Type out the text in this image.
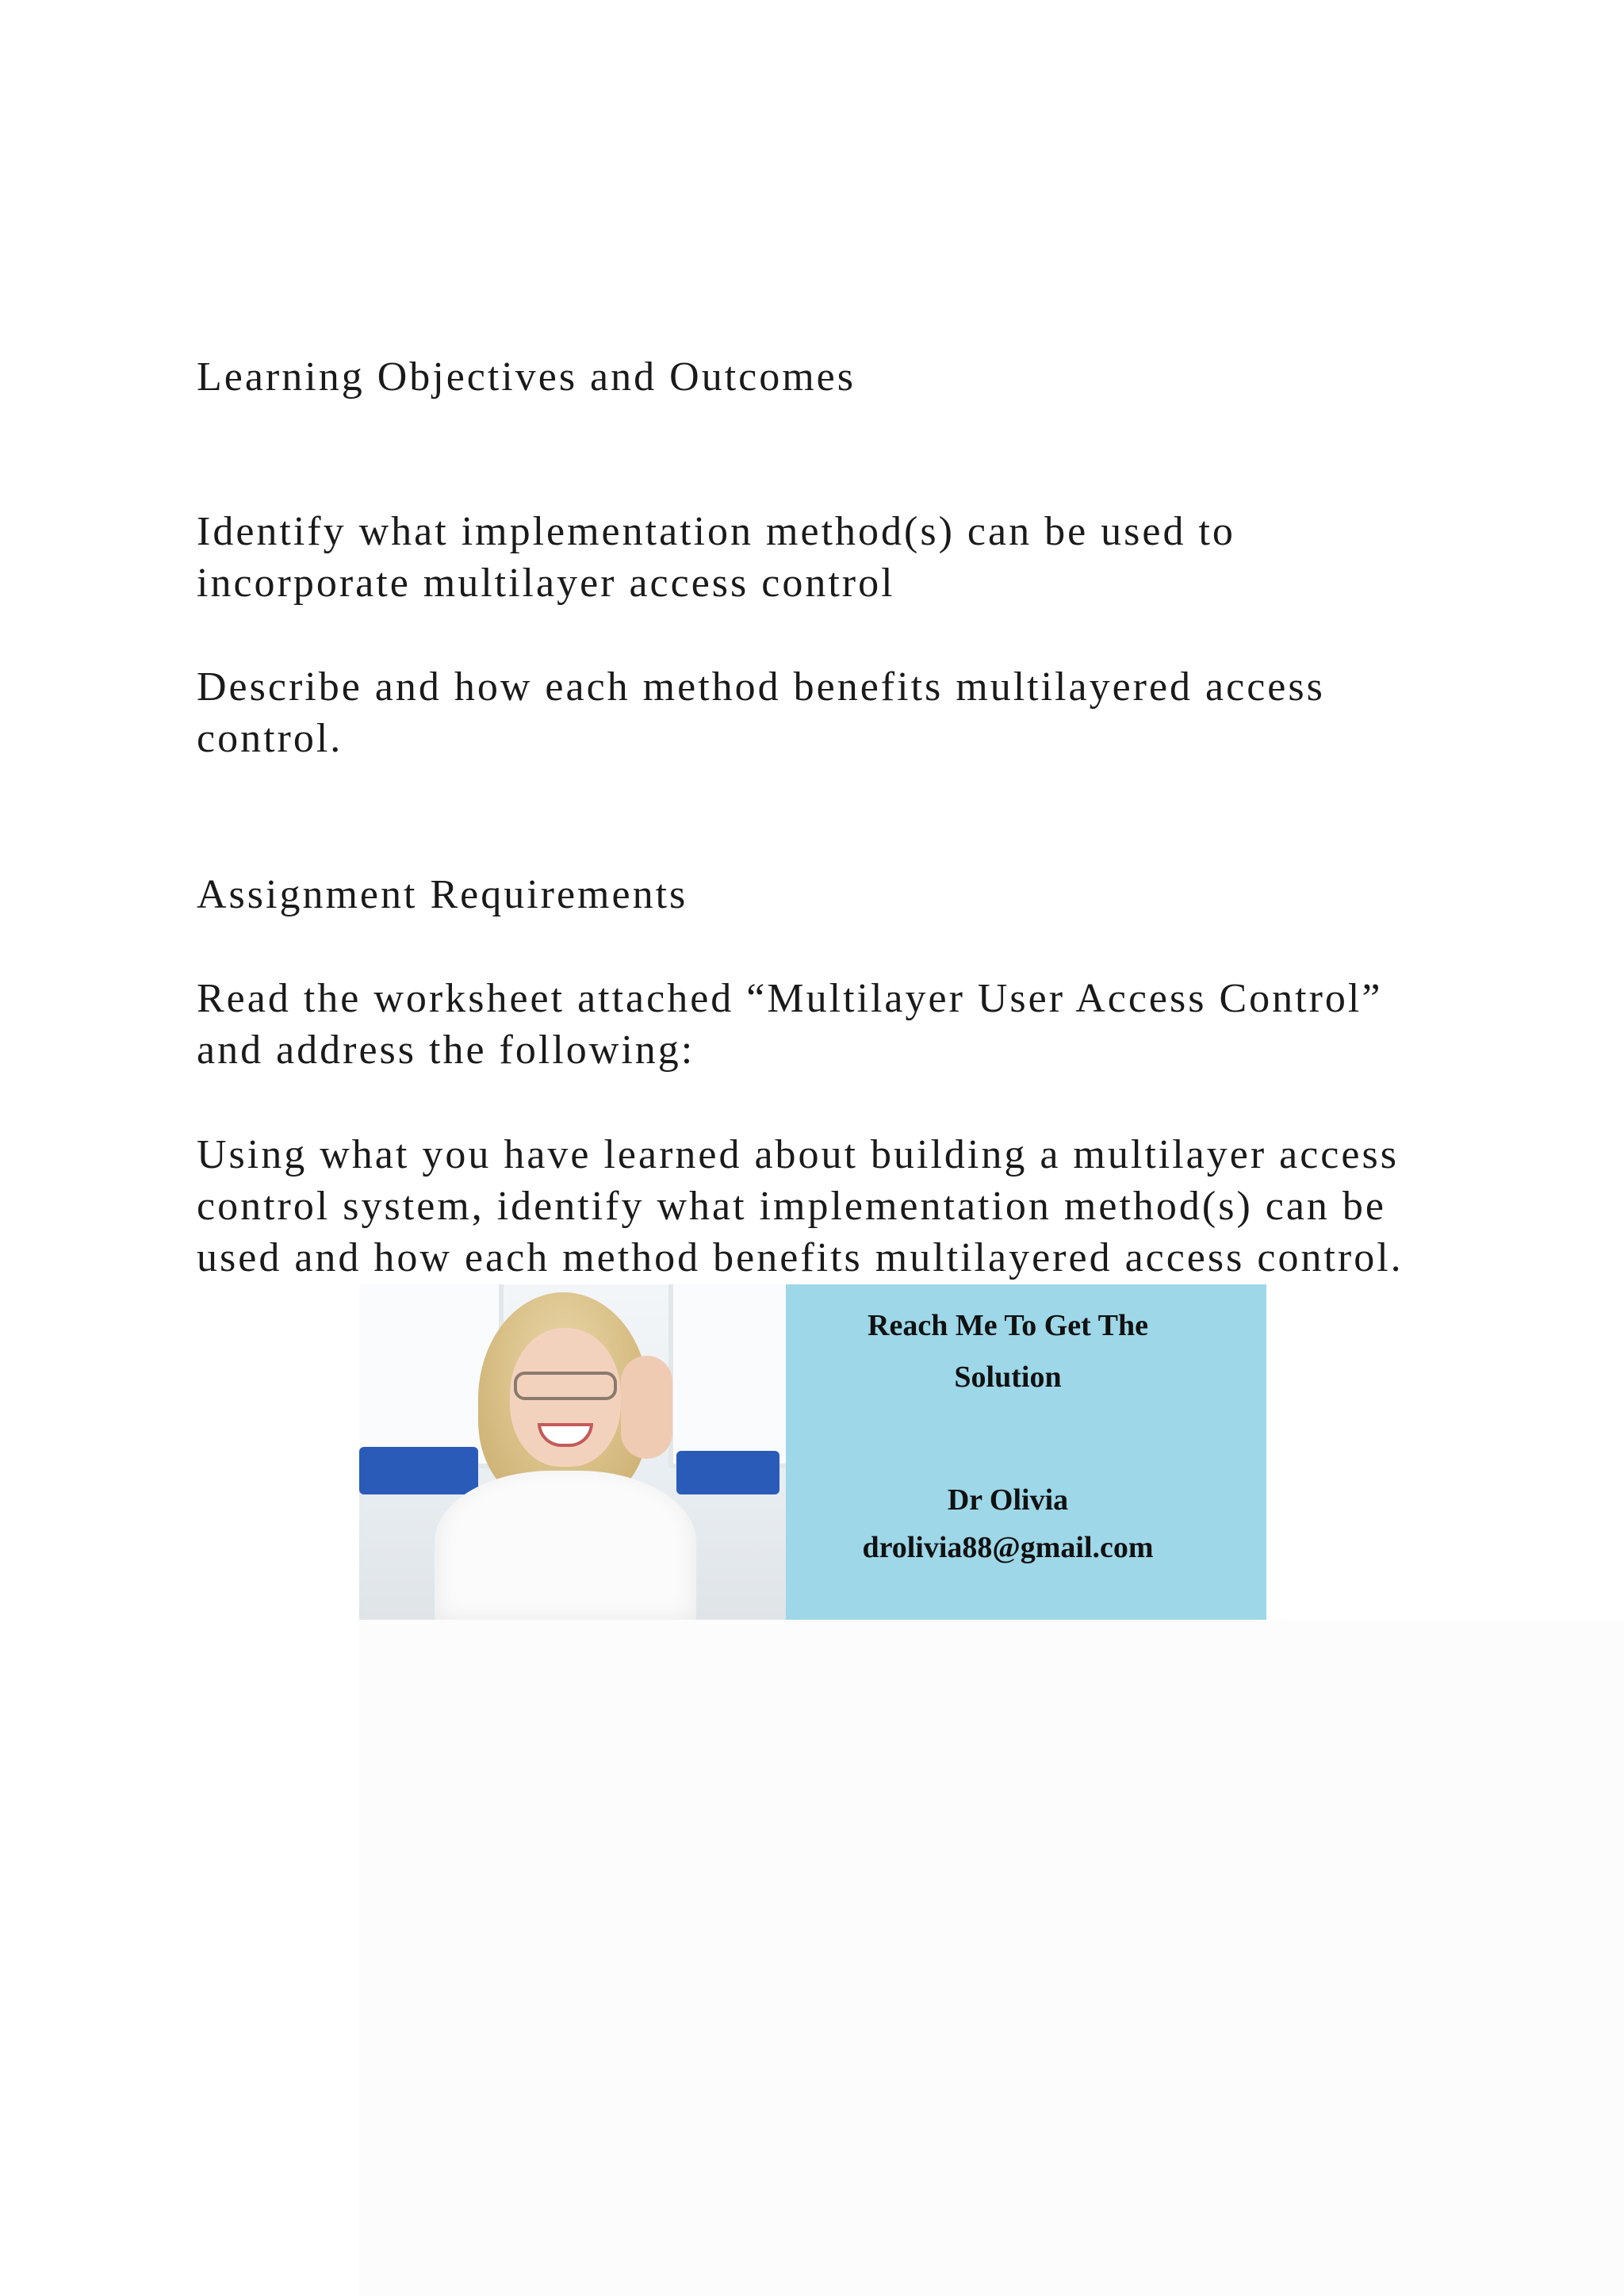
Learning Objectives and Outcomes
Identify what implementation method(s) can be used to
incorporate multilayer access control
Describe and how each method benefits multilayered access
control.
Assignment Requirements
Read the worksheet attached “Multilayer User Access Control”
and address the following:
Using what you have learned about building a multilayer access
control system, identify what implementation method(s) can be
used and how each method benefits multilayered access control.
Reach Me To Get The
Solution
Dr Olivia
drolivia88@gmail.com
